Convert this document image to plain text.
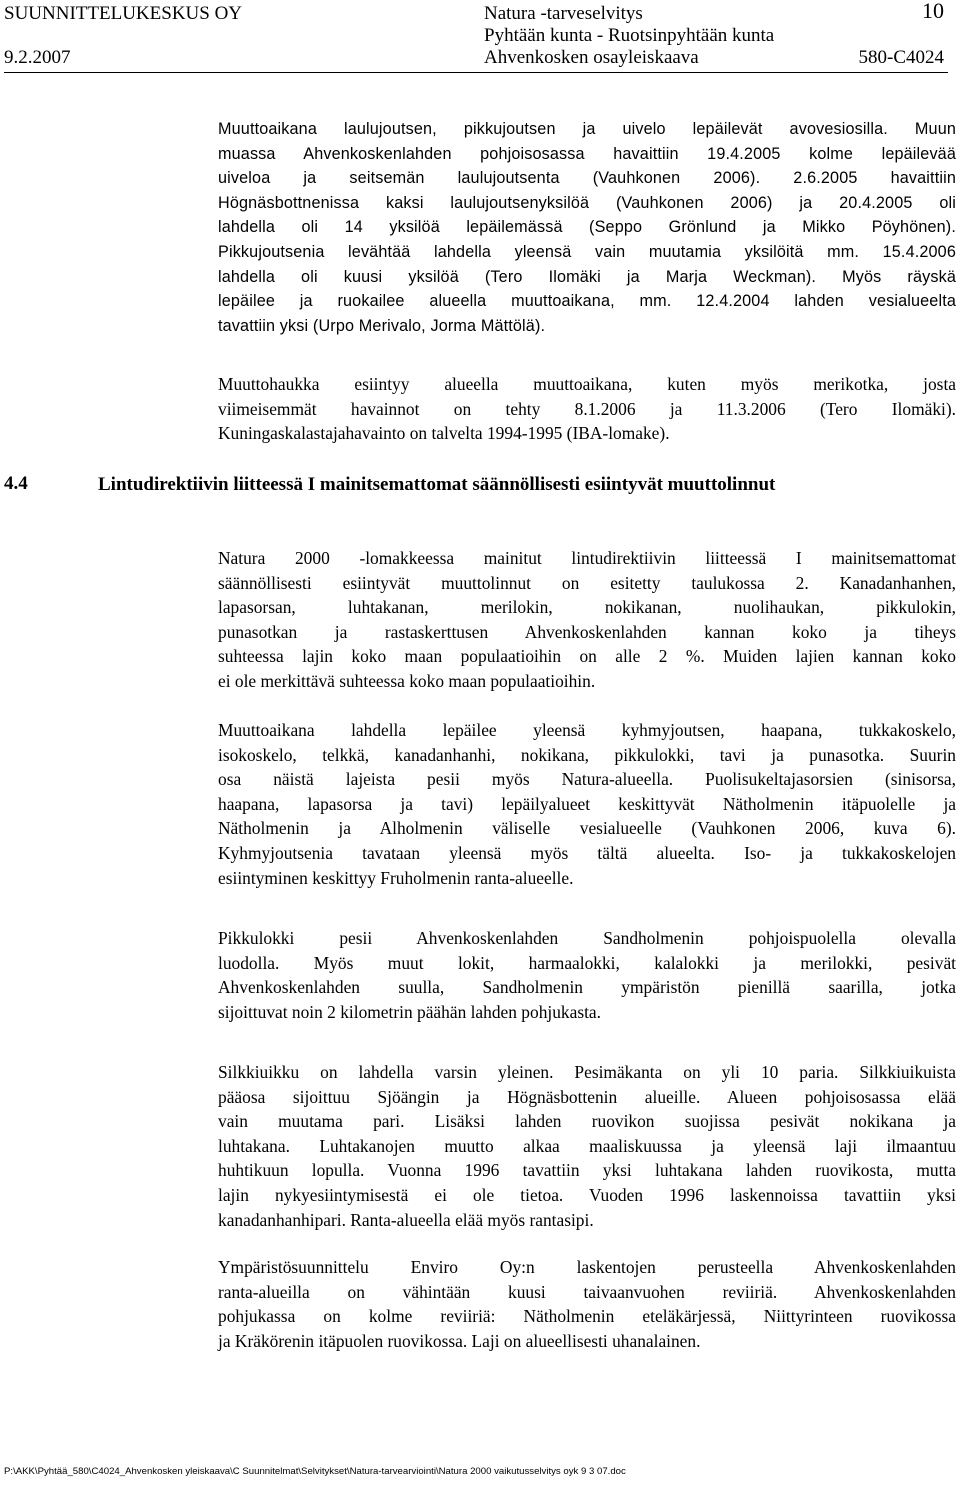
SUUNNITTELUKESKUS OY
9.2.2007
Natura -tarveselvitys
Pyhtään kunta - Ruotsinpyhtään kunta
Ahvenkosken osayleiskaava
10
580-C4024
Muuttoaikana laulujoutsen, pikkujoutsen ja uivelo lepäilevät avovesiosilla. Muun
muassa Ahvenkoskenlahden pohjoisosassa havaittiin 19.4.2005 kolme lepäilevää
uiveloa ja seitsemän laulujoutsenta (Vauhkonen 2006). 2.6.2005 havaittiin
Högnäsbottnenissa kaksi laulujoutsenyksilöä (Vauhkonen 2006) ja 20.4.2005 oli
lahdella oli 14 yksilöä lepäilemässä (Seppo Grönlund ja Mikko Pöyhönen).
Pikkujoutsenia levähtää lahdella yleensä vain muutamia yksilöitä mm. 15.4.2006
lahdella oli kuusi yksilöä (Tero Ilomäki ja Marja Weckman). Myös räyskä
lepäilee ja ruokailee alueella muuttoaikana, mm. 12.4.2004 lahden vesialueelta
tavattiin yksi (Urpo Merivalo, Jorma Mättölä).
Muuttohaukka esiintyy alueella muuttoaikana, kuten myös merikotka, josta
viimeisemmät havainnot on tehty 8.1.2006 ja 11.3.2006 (Tero Ilomäki).
Kuningaskalastajahavainto on talvelta 1994-1995 (IBA-lomake).
4.4	Lintudirektiivin liitteessä I mainitsemattomat säännöllisesti esiintyvät muuttolinnut
Natura 2000 -lomakkeessa mainitut lintudirektiivin liitteessä I mainitsemattomat
säännöllisesti esiintyvät muuttolinnut on esitetty taulukossa 2. Kanadanhanhen,
lapasorsan, luhtakanan, merilokin, nokikanan, nuolihaukan, pikkulokin,
punasotkan ja rastaskerttusen Ahvenkoskenlahden kannan koko ja tiheys
suhteessa lajin koko maan populaatioihin on alle 2 %. Muiden lajien kannan koko
ei ole merkittävä suhteessa koko maan populaatioihin.
Muuttoaikana lahdella lepäilee yleensä kyhmyjoutsen, haapana, tukkakoskelo,
isokoskelo, telkkä, kanadanhanhi, nokikana, pikkulokki, tavi ja punasotka. Suurin
osa näistä lajeista pesii myös Natura-alueella. Puolisukeltajasorsien (sinisorsa,
haapana, lapasorsa ja tavi) lepäilyalueet keskittyvät Nätholmenin itäpuolelle ja
Nätholmenin ja Alholmenin väliselle vesialueelle (Vauhkonen 2006, kuva 6).
Kyhmyjoutsenia tavataan yleensä myös tältä alueelta. Iso- ja tukkakoskelojen
esiintyminen keskittyy Fruholmenin ranta-alueelle.
Pikkulokki pesii Ahvenkoskenlahden Sandholmenin pohjoispuolella olevalla
luodolla. Myös muut lokit, harmaalokki, kalalokki ja merilokki, pesivät
Ahvenkoskenlahden suulla, Sandholmenin ympäristön pienillä saarilla, jotka
sijoittuvat noin 2 kilometrin päähän lahden pohjukasta.
Silkkiuikku on lahdella varsin yleinen. Pesimäkanta on yli 10 paria. Silkkiuikuista
pääosa sijoittuu Sjöängin ja Högnäsbottenin alueille. Alueen pohjoisosassa elää
vain muutama pari. Lisäksi lahden ruovikon suojissa pesivät nokikana ja
luhtakana. Luhtakanojen muutto alkaa maaliskuussa ja yleensä laji ilmaantuu
huhtikuun lopulla. Vuonna 1996 tavattiin yksi luhtakana lahden ruovikosta, mutta
lajin nykyesiintymisestä ei ole tietoa. Vuoden 1996 laskennoissa tavattiin yksi
kanadanhanhipari. Ranta-alueella elää myös rantasipi.
Ympäristösuunnittelu Enviro Oy:n laskentojen perusteella Ahvenkoskenlahden
ranta-alueilla on vähintään kuusi taivaanvuohen reviiriä. Ahvenkoskenlahden
pohjukassa on kolme reviiriä: Nätholmenin eteläkärjessä, Niittyrinteen ruovikossa
ja Kräkörenin itäpuolen ruovikossa. Laji on alueellisesti uhanalainen.
P:\AKK\Pyhtää_580\C4024_Ahvenkosken yleiskaava\C Suunnitelmat\Selvitykset\Natura-tarvearviointi\Natura 2000 vaikutusselvitys oyk 9 3 07.doc
